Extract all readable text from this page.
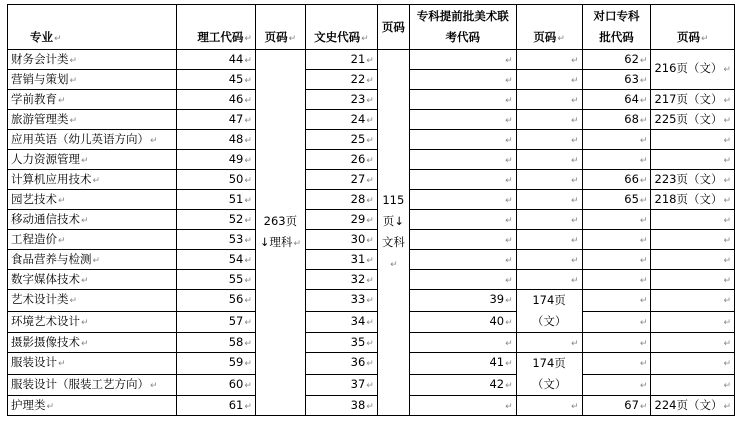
专业↵	理工代码↵	页码↵	文史代码↵	页码	专科提前批美术联考代码	页码↵	对口专科批代码	页码↵
财务会计类↵	44↵	263页↓理科↵	21↵	115页↓文科↵	↵	↵	62↵	216页（文）↵
营销与策划↵	45↵		22↵		↵	↵	63↵	
学前教育↵	46↵		23↵		↵	↵	64↵	217页（文）↵
旅游管理类↵	47↵		24↵		↵	↵	68↵	225页（文）↵
应用英语（幼儿英语方向）↵	48↵		25↵		↵	↵	↵	↵
人力资源管理↵	49↵		26↵		↵	↵	↵	↵
计算机应用技术↵	50↵		27↵		↵	↵	66↵	223页（文）↵
园艺技术↵	51↵		28↵		↵	↵	65↵	218页（文）↵
移动通信技术↵	52↵		29↵		↵	↵	↵	↵
工程造价↵	53↵		30↵		↵	↵	↵	↵
食品营养与检测↵	54↵		31↵		↵	↵	↵	↵
数字媒体技术↵	55↵		32↵		↵	↵	↵	↵
艺术设计类↵	56↵		33↵		39↵	174页（文）	↵	↵
环境艺术设计↵	57↵		34↵		40↵		↵	↵
摄影摄像技术↵	58↵		35↵		↵	↵	↵	↵
服装设计↵	59↵		36↵		41↵	174页（文）	↵	↵
服装设计（服装工艺方向）↵	60↵		37↵		42↵		↵	↵
护理类↵	61↵		38↵		↵	↵	67↵	224页（文）↵
